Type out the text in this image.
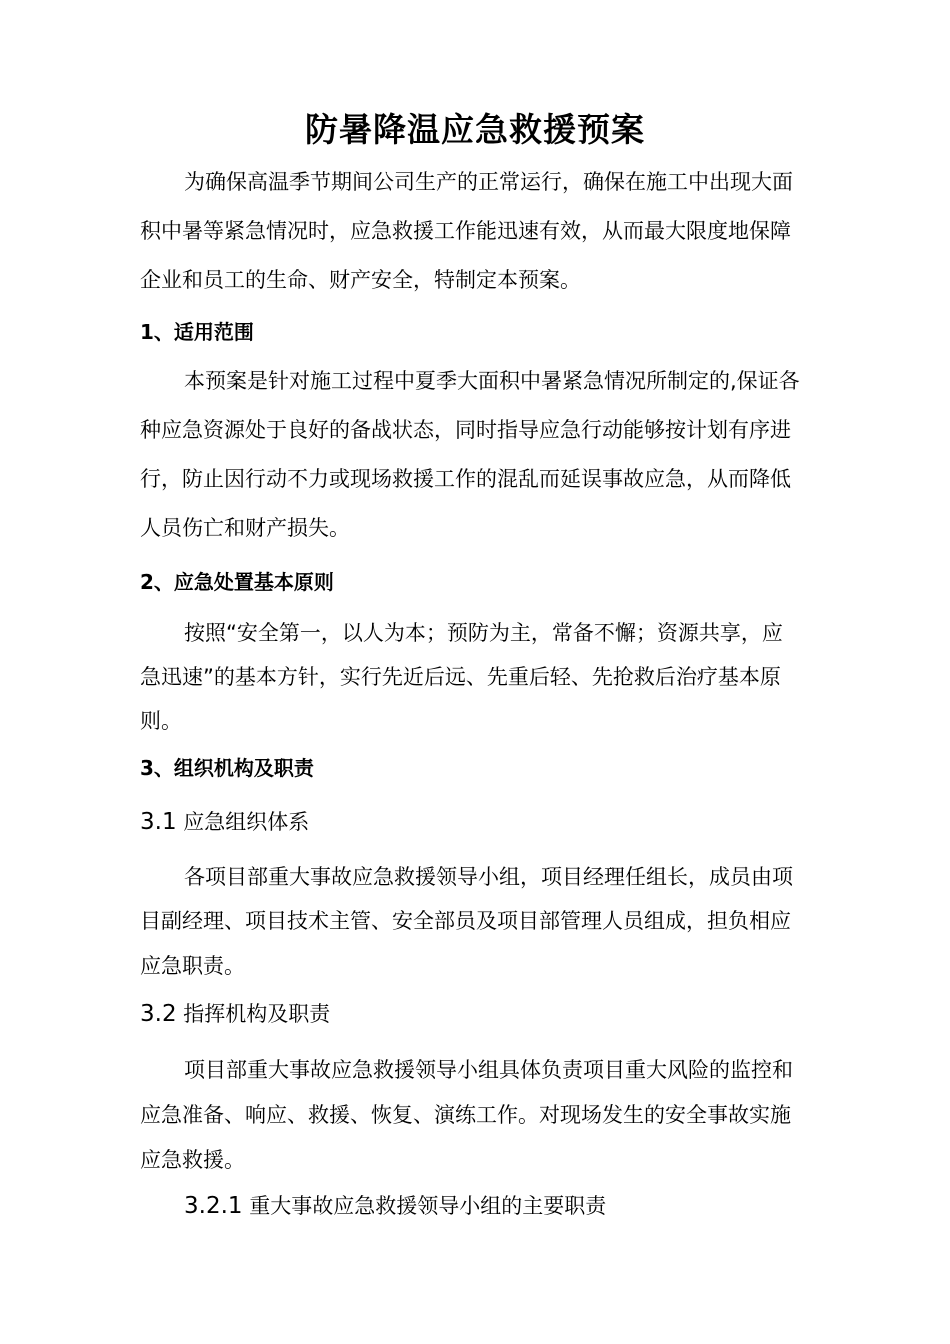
防暑降温应急救援预案

为确保高温季节期间公司生产的正常运行，确保在施工中出现大面

积中暑等紧急情况时，应急救援工作能迅速有效，从而最大限度地保障

企业和员工的生命、财产安全，特制定本预案。

1、适用范围

本预案是针对施工过程中夏季大面积中暑紧急情况所制定的,保证各

种应急资源处于良好的备战状态，同时指导应急行动能够按计划有序进

行，防止因行动不力或现场救援工作的混乱而延误事故应急，从而降低

人员伤亡和财产损失。

2、应急处置基本原则

按照“安全第一，以人为本；预防为主，常备不懈；资源共享，应

急迅速”的基本方针，实行先近后远、先重后轻、先抢救后治疗基本原

则。

3、组织机构及职责
3.1 应急组织体系

各项目部重大事故应急救援领导小组，项目经理任组长，成员由项

目副经理、项目技术主管、安全部员及项目部管理人员组成，担负相应

应急职责。

3.2 指挥机构及职责

项目部重大事故应急救援领导小组具体负责项目重大风险的监控和

应急准备、响应、救援、恢复、演练工作。对现场发生的安全事故实施

应急救援。

3.2.1 重大事故应急救援领导小组的主要职责
